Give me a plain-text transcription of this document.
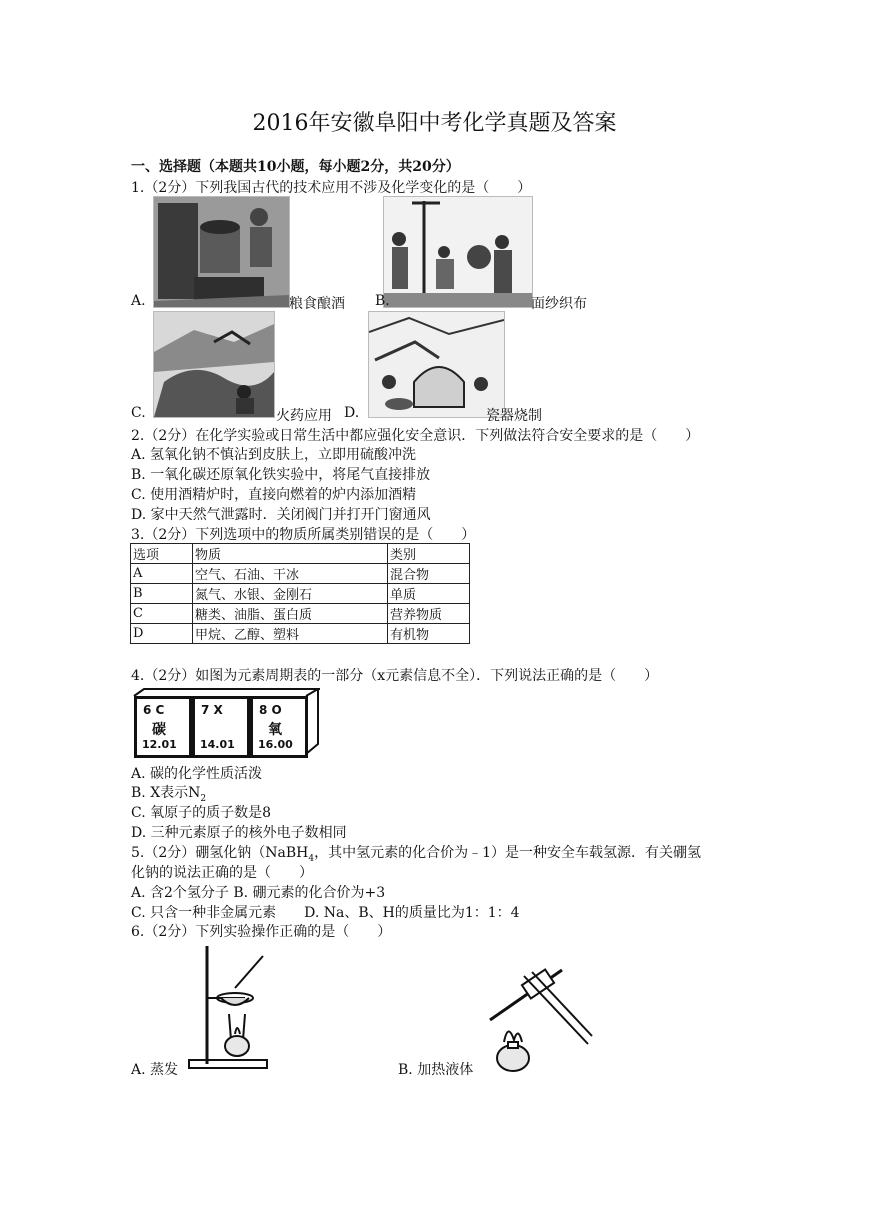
2016年安徽阜阳中考化学真题及答案
一、选择题（本题共10小题，每小题2分，共20分）
1.（2分）下列我国古代的技术应用不涉及化学变化的是（　　）
A.	粮食酿酒 B.	面纱织布
C.	火药应用 D.	瓷器烧制
2.（2分）在化学实验或日常生活中都应强化安全意识．下列做法符合安全要求的是（　　）
A. 氢氧化钠不慎沾到皮肤上，立即用硫酸冲洗
B. 一氧化碳还原氧化铁实验中，将尾气直接排放
C. 使用酒精炉时，直接向燃着的炉内添加酒精
D. 家中天然气泄露时．关闭阀门并打开门窗通风
3.（2分）下列选项中的物质所属类别错误的是（　　）
选项	物质	类别
A	空气、石油、干冰	混合物
B	氮气、水银、金刚石	单质
C	糖类、油脂、蛋白质	营养物质
D	甲烷、乙醇、塑料	有机物
4.（2分）如图为元素周期表的一部分（x元素信息不全）．下列说法正确的是（　　）
6 C
碳
12.01
7 X
14.01
8 O
氧
16.00
A. 碳的化学性质活泼
B. X表示$N_2$
C. 氧原子的质子数是8
D. 三种元素原子的核外电子数相同
5.（2分）硼氢化钠（NaBH$_4$，其中氢元素的化合价为﹣1）是一种安全车载氢源．有关硼氢
化钠的说法正确的是（　　）
A. 含2个氢分子 B. 硼元素的化合价为+3
C. 只含一种非金属元素　　D. Na、B、H的质量比为1：1：4
6.（2分）下列实验操作正确的是（　　）
A. 蒸发	B. 加热液体
